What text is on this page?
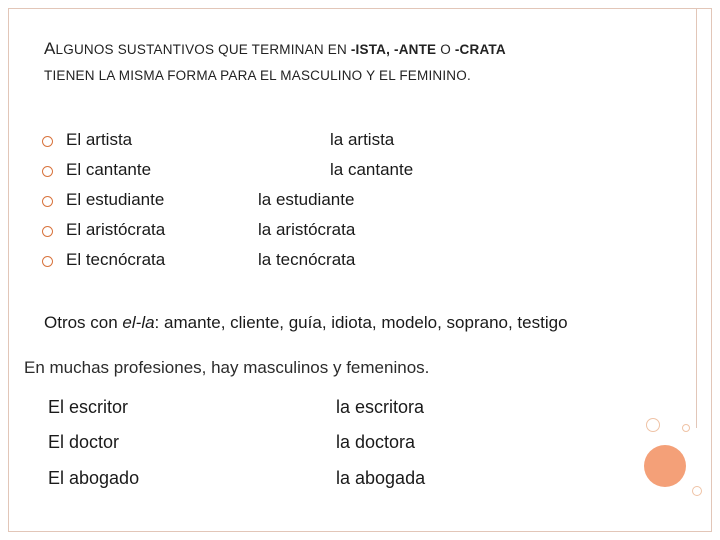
ALGUNOS SUSTANTIVOS QUE TERMINAN EN -ISTA, -ANTE O -CRATA
TIENEN LA MISMA FORMA PARA EL MASCULINO Y EL FEMININO.
El artista	la artista
El cantante	la cantante
El estudiante	la estudiante
El aristócrata	la aristócrata
El tecnócrata	la tecnócrata
Otros con el-la: amante, cliente, guía, idiota, modelo, soprano, testigo
En muchas profesiones, hay masculinos y femeninos.
El escritor	la escritora
El doctor	la doctora
El abogado	la abogada
